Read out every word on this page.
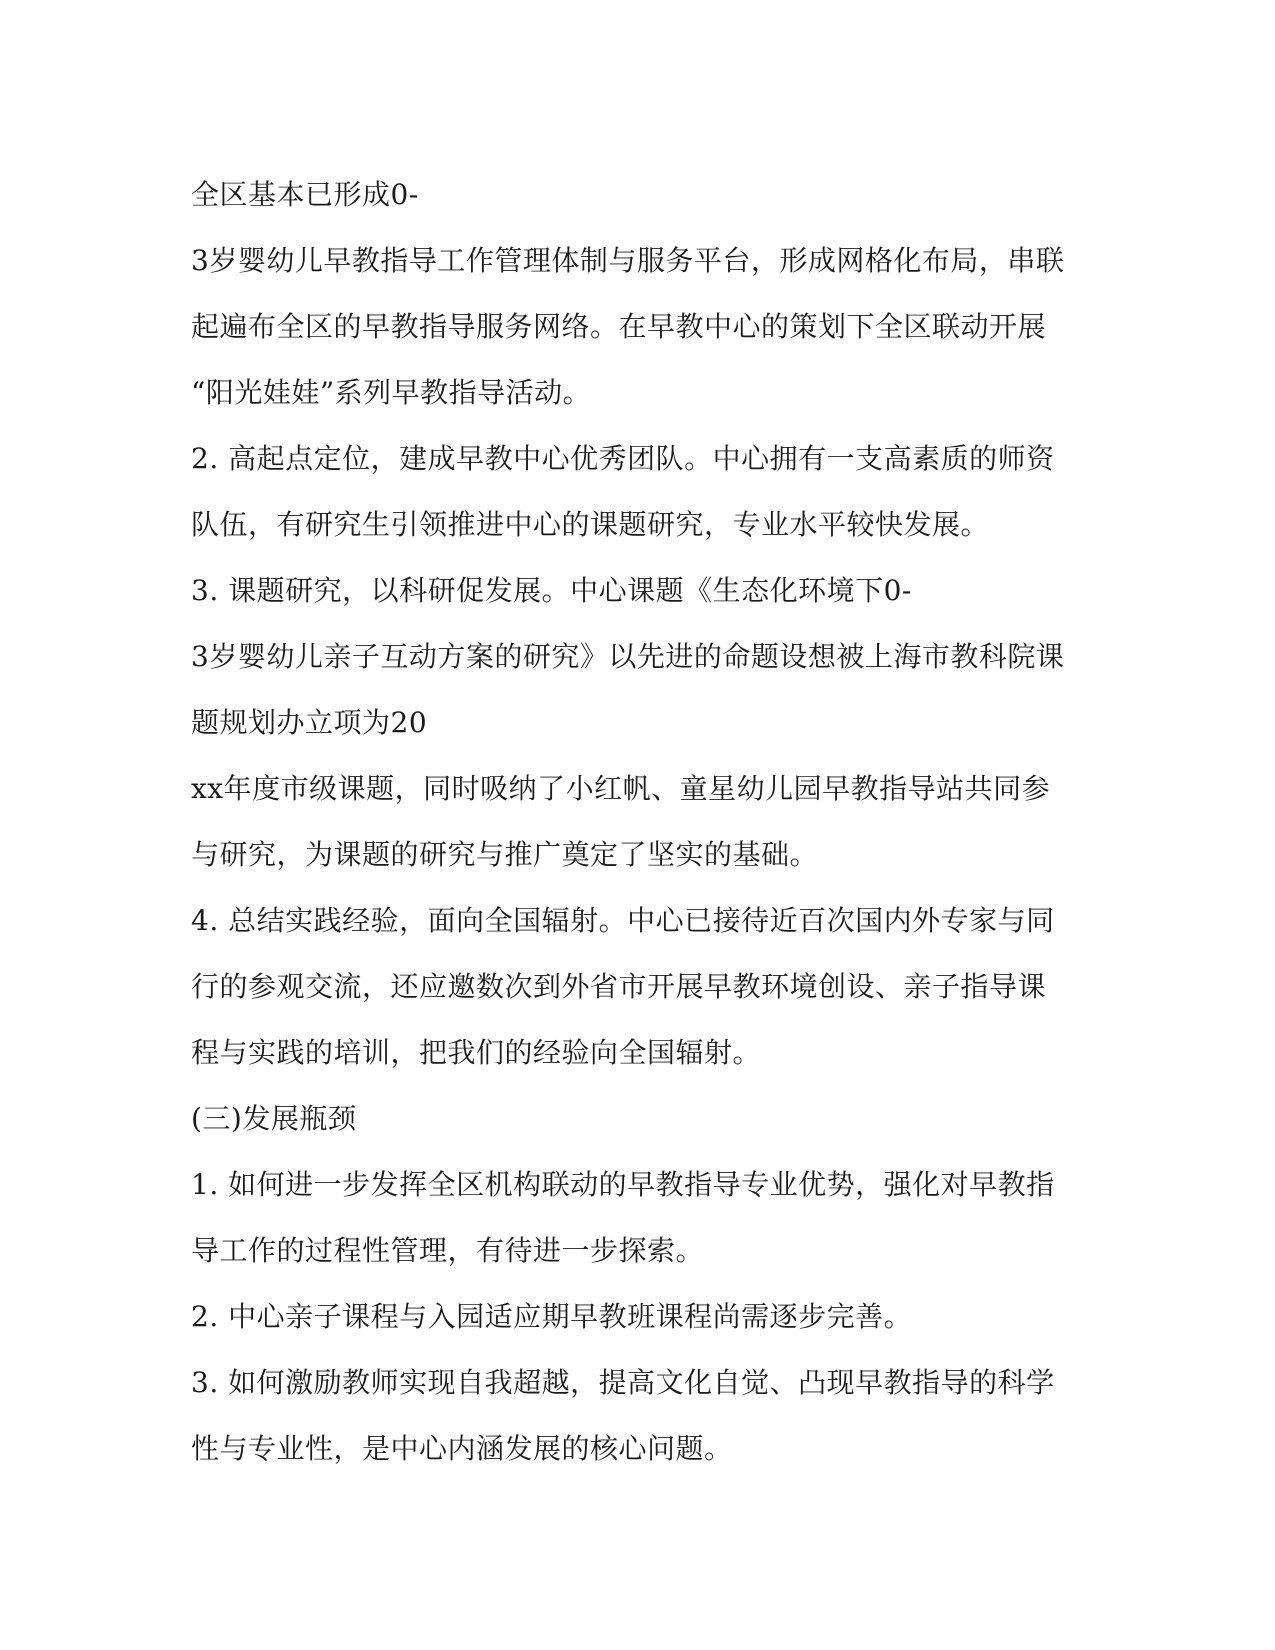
全区基本已形成0-
3岁婴幼儿早教指导工作管理体制与服务平台，形成网格化布局，串联
起遍布全区的早教指导服务网络。在早教中心的策划下全区联动开展
“阳光娃娃”系列早教指导活动。
2. 高起点定位，建成早教中心优秀团队。中心拥有一支高素质的师资
队伍，有研究生引领推进中心的课题研究，专业水平较快发展。
3. 课题研究，以科研促发展。中心课题《生态化环境下0-
3岁婴幼儿亲子互动方案的研究》以先进的命题设想被上海市教科院课
题规划办立项为20
xx年度市级课题，同时吸纳了小红帆、童星幼儿园早教指导站共同参
与研究，为课题的研究与推广奠定了坚实的基础。
4. 总结实践经验，面向全国辐射。中心已接待近百次国内外专家与同
行的参观交流，还应邀数次到外省市开展早教环境创设、亲子指导课
程与实践的培训，把我们的经验向全国辐射。
(三)发展瓶颈
1. 如何进一步发挥全区机构联动的早教指导专业优势，强化对早教指
导工作的过程性管理，有待进一步探索。
2. 中心亲子课程与入园适应期早教班课程尚需逐步完善。
3. 如何激励教师实现自我超越，提高文化自觉、凸现早教指导的科学
性与专业性，是中心内涵发展的核心问题。
